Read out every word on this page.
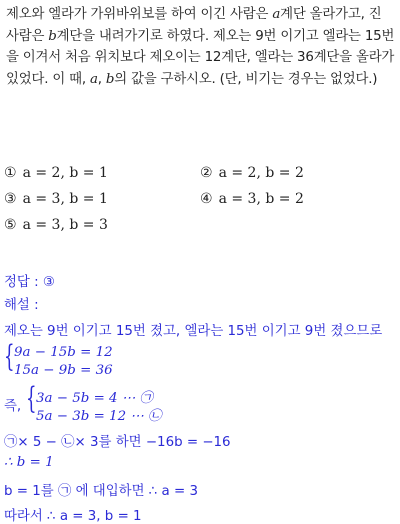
제오와 엘라가 가위바위보를 하여 이긴 사람은 a계단 올라가고, 진 사람은 b계단을 내려가기로 하였다. 제오는 9번 이기고 엘라는 15번을 이겨서 처음 위치보다 제오이는 12계단, 엘라는 36계단을 올라가 있었다. 이 때, a, b의 값을 구하시오. (단, 비기는 경우는 없었다.)
① a = 2, b = 1	② a = 2, b = 2
③ a = 3, b = 1	④ a = 3, b = 2
⑤ a = 3, b = 3
정답 : ③
해설 :
제오는 9번 이기고 15번 졌고, 엘라는 15번 이기고 9번 졌으므로
{ 9a − 15b = 12
15a − 9b = 36
즉, { 3a − 5b = 4 ⋯ ㉠
5a − 3b = 12 ⋯ ㉡
㉠× 5 − ㉡× 3를 하면 −16b = −16
∴ b = 1
b = 1를 ㉠ 에 대입하면 ∴ a = 3
따라서 ∴ a = 3, b = 1
